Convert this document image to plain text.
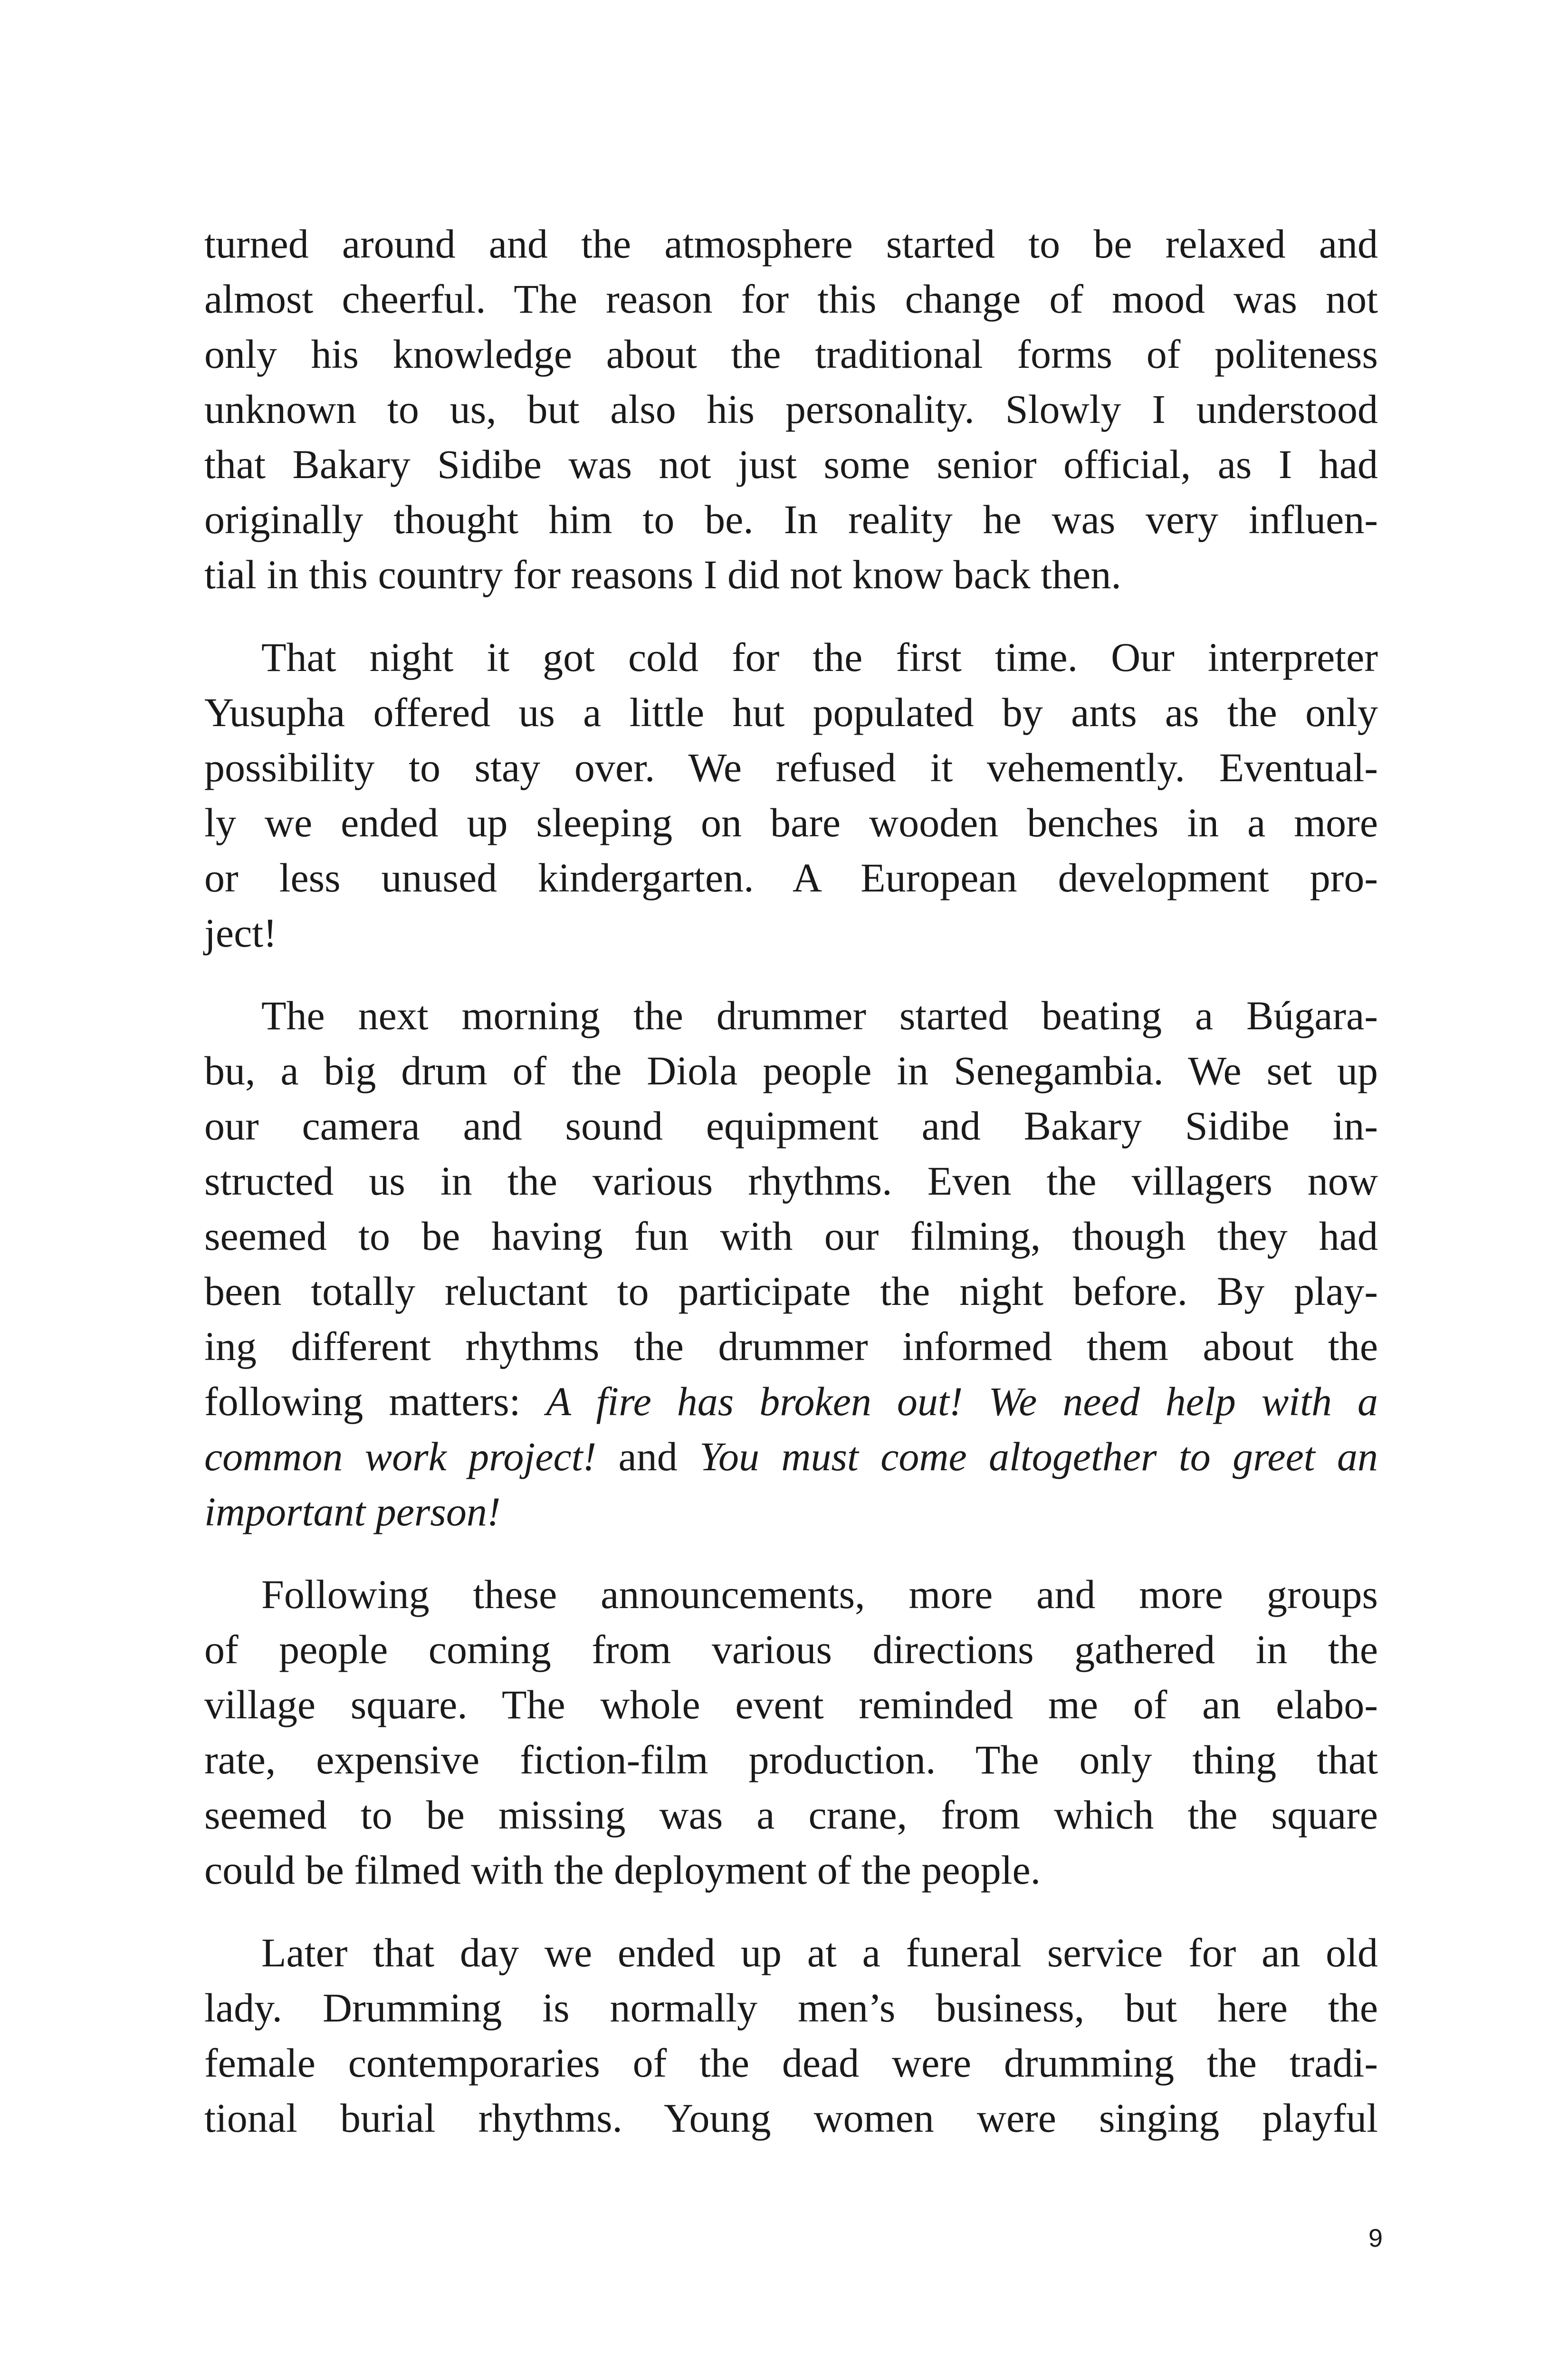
turned around and the atmosphere started to be relaxed and
almost cheerful. The reason for this change of mood was not
only his knowledge about the traditional forms of politeness
unknown to us, but also his personality. Slowly I understood
that Bakary Sidibe was not just some senior official, as I had
originally thought him to be. In reality he was very influen-
tial in this country for reasons I did not know back then.
That night it got cold for the first time. Our interpreter
Yusupha offered us a little hut populated by ants as the only
possibility to stay over. We refused it vehemently. Eventual-
ly we ended up sleeping on bare wooden benches in a more
or less unused kindergarten. A European development pro-
ject!
The next morning the drummer started beating a Búgara-
bu, a big drum of the Diola people in Senegambia. We set up
our camera and sound equipment and Bakary Sidibe in-
structed us in the various rhythms. Even the villagers now
seemed to be having fun with our filming, though they had
been totally reluctant to participate the night before. By play-
ing different rhythms the drummer informed them about the
following matters: A fire has broken out! We need help with a
common work project! and You must come altogether to greet an
important person!
Following these announcements, more and more groups
of people coming from various directions gathered in the
village square. The whole event reminded me of an elabo-
rate, expensive fiction-film production. The only thing that
seemed to be missing was a crane, from which the square
could be filmed with the deployment of the people.
Later that day we ended up at a funeral service for an old
lady. Drumming is normally men’s business, but here the
female contemporaries of the dead were drumming the tradi-
tional burial rhythms. Young women were singing playful
9
